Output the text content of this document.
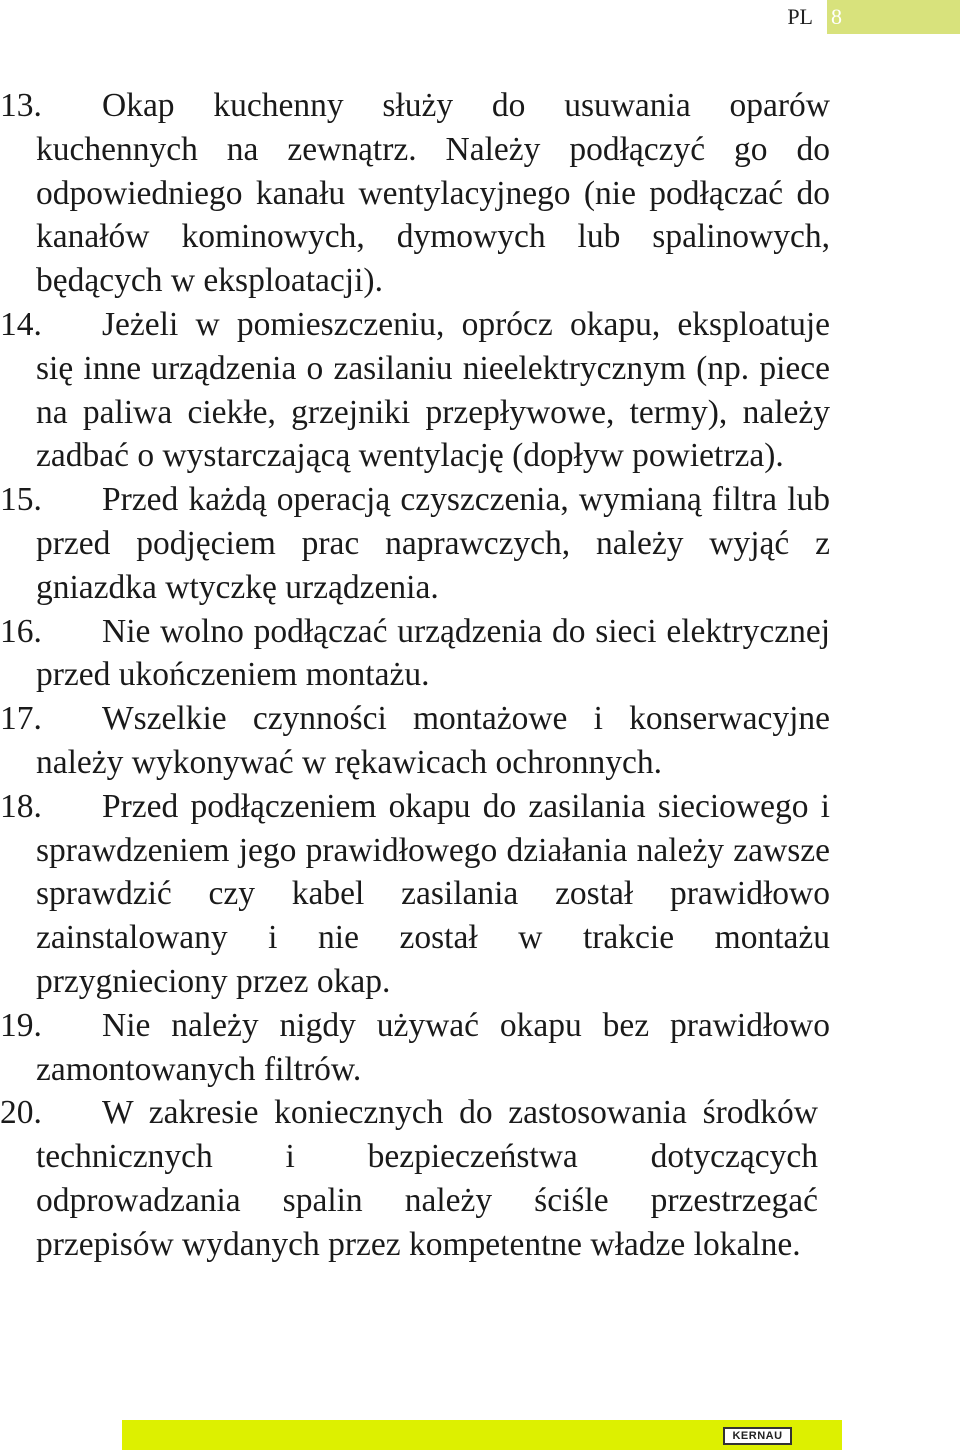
PL 8
13.	Okap kuchenny służy do usuwania oparów kuchennych na zewnątrz. Należy podłączyć go do odpowiedniego kanału wentylacyjnego (nie podłączać do kanałów kominowych, dymowych lub spalinowych, będących w eksploatacji).
14.	Jeżeli w pomieszczeniu, oprócz okapu, eksploatuje się inne urządzenia o zasilaniu nieelektrycznym (np. piece na paliwa ciekłe, grzejniki przepływowe, termy), należy zadbać o wystarczającą wentylację (dopływ powietrza).
15.	Przed każdą operacją czyszczenia, wymianą filtra lub przed podjęciem prac naprawczych, należy wyjąć z gniazdka wtyczkę urządzenia.
16.	Nie wolno podłączać urządzenia do sieci elektrycznej przed ukończeniem montażu.
17.	Wszelkie czynności montażowe i konserwacyjne należy wykonywać w rękawicach ochronnych.
18.	Przed podłączeniem okapu do zasilania sieciowego i sprawdzeniem jego prawidłowego działania należy zawsze sprawdzić czy kabel zasilania został prawidłowo zainstalowany i nie został w trakcie montażu przygnieciony przez okap.
19.	Nie należy nigdy używać okapu bez prawidłowo zamontowanych filtrów.
20.	W zakresie koniecznych do zastosowania środków technicznych i bezpieczeństwa dotyczących odprowadzania spalin należy ściśle przestrzegać przepisów wydanych przez kompetentne władze lokalne.
KERNAU
